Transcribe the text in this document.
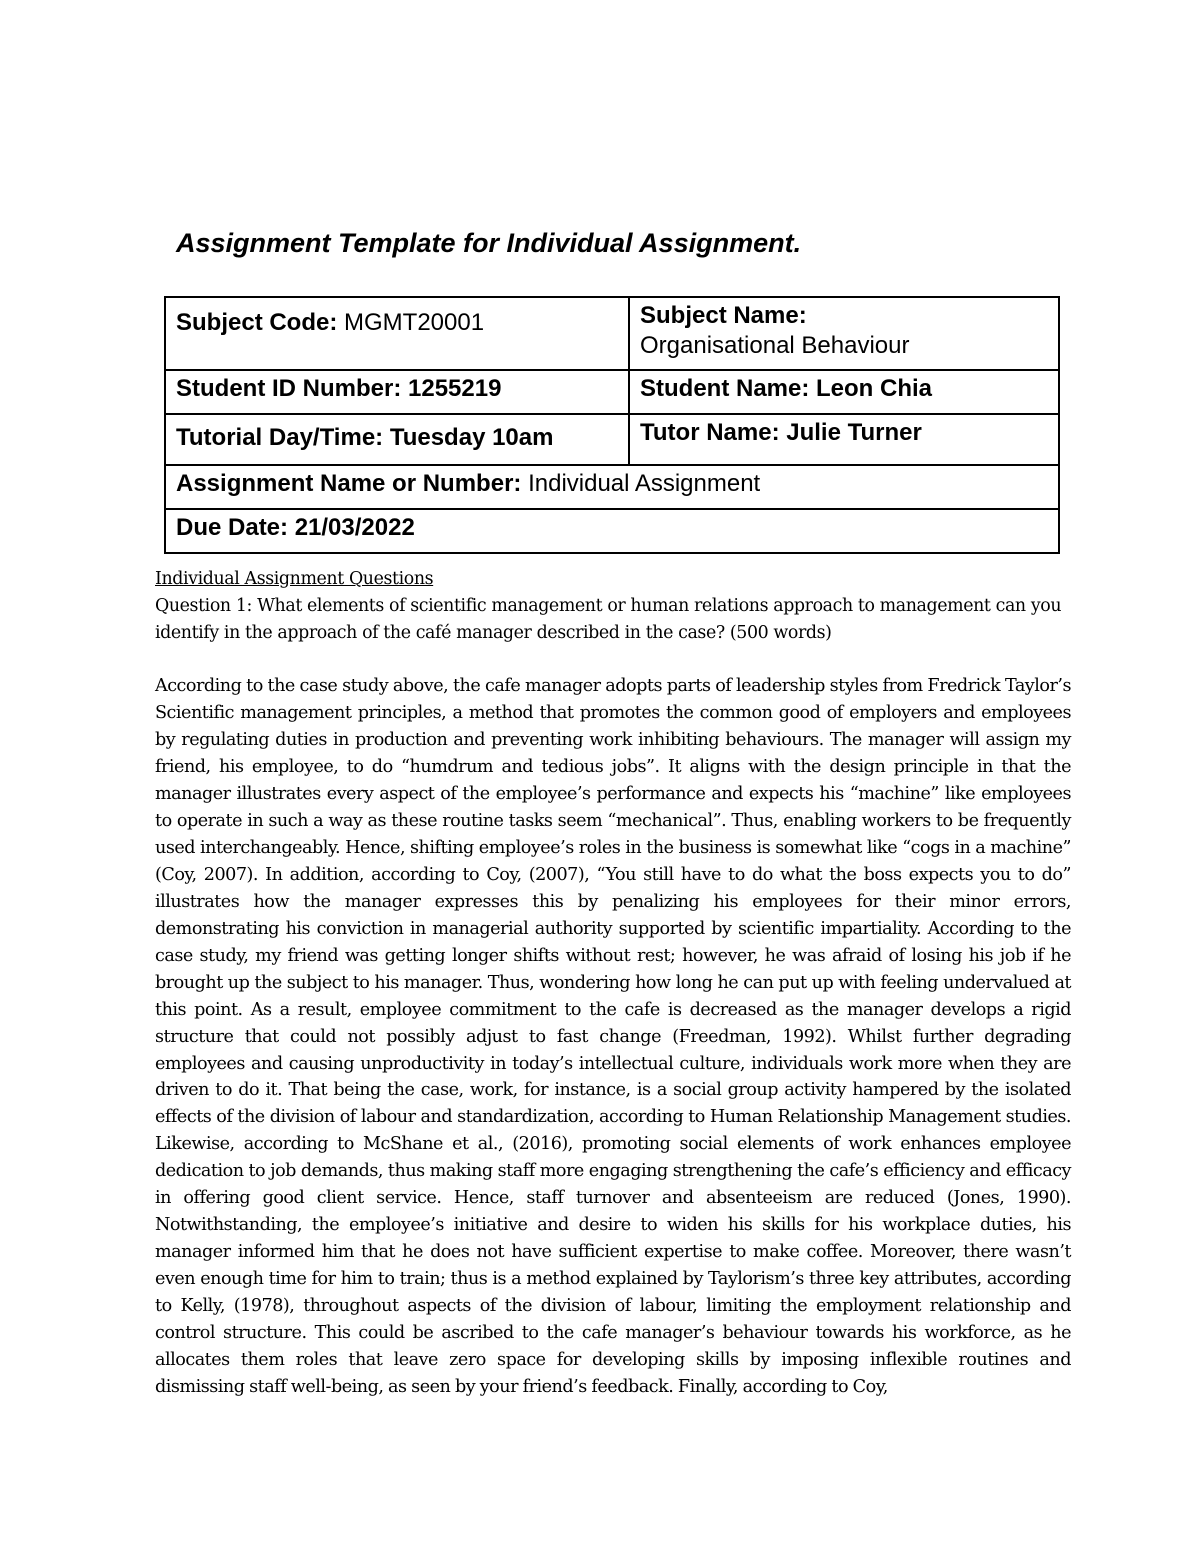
Assignment Template for Individual Assignment.
Subject Code: MGMT20001	Subject Name:
Organisational Behaviour
Student ID Number: 1255219	Student Name: Leon Chia
Tutorial Day/Time: Tuesday 10am	Tutor Name: Julie Turner
Assignment Name or Number: Individual Assignment	
Due Date: 21/03/2022	
Individual Assignment Questions
Question 1: What elements of scientific management or human relations approach to management can you identify in the approach of the café manager described in the case? (500 words)

According to the case study above, the cafe manager adopts parts of leadership styles from Fredrick Taylor’s Scientific management principles, a method that promotes the common good of employers and employees by regulating duties in production and preventing work inhibiting behaviours. The manager will assign my friend, his employee, to do “humdrum and tedious jobs”. It aligns with the design principle in that the manager illustrates every aspect of the employee’s performance and expects his “machine” like employees to operate in such a way as these routine tasks seem “mechanical”. Thus, enabling workers to be frequently used interchangeably. Hence, shifting employee’s roles in the business is somewhat like “cogs in a machine” (Coy, 2007). In addition, according to Coy, (2007), “You still have to do what the boss expects you to do” illustrates how the manager expresses this by penalizing his employees for their minor errors, demonstrating his conviction in managerial authority supported by scientific impartiality. According to the case study, my friend was getting longer shifts without rest; however, he was afraid of losing his job if he brought up the subject to his manager. Thus, wondering how long he can put up with feeling undervalued at this point. As a result, employee commitment to the cafe is decreased as the manager develops a rigid structure that could not possibly adjust to fast change (Freedman, 1992). Whilst further degrading employees and causing unproductivity in today’s intellectual culture, individuals work more when they are driven to do it. That being the case, work, for instance, is a social group activity hampered by the isolated effects of the division of labour and standardization, according to Human Relationship Management studies. Likewise, according to McShane et al., (2016), promoting social elements of work enhances employee dedication to job demands, thus making staff more engaging strengthening the cafe’s efficiency and efficacy in offering good client service. Hence, staff turnover and absenteeism are reduced (Jones, 1990). Notwithstanding, the employee’s initiative and desire to widen his skills for his workplace duties, his manager informed him that he does not have sufficient expertise to make coffee. Moreover, there wasn’t even enough time for him to train; thus is a method explained by Taylorism’s three key attributes, according to Kelly, (1978), throughout aspects of the division of labour, limiting the employment relationship and control structure. This could be ascribed to the cafe manager’s behaviour towards his workforce, as he allocates them roles that leave zero space for developing skills by imposing inflexible routines and dismissing staff well-being, as seen by your friend’s feedback. Finally, according to Coy,
